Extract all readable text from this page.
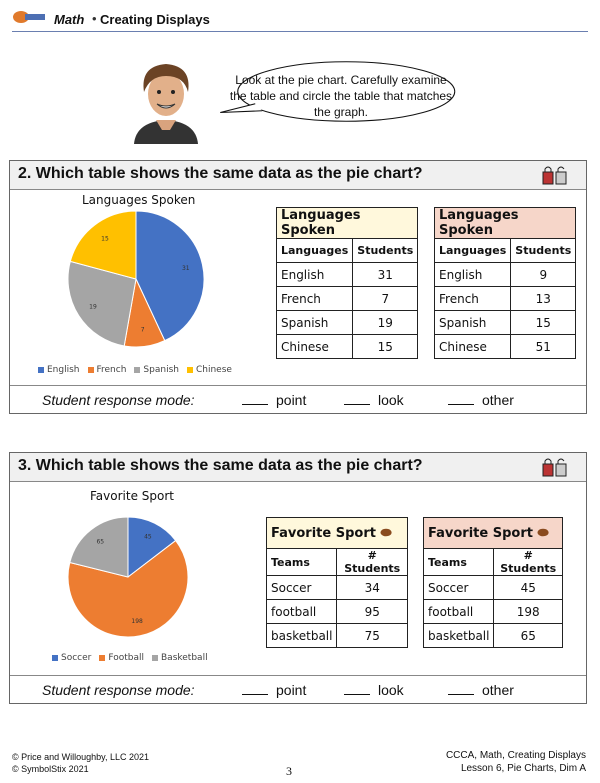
Math • Creating Displays
Look at the pie chart. Carefully examine the table and circle the table that matches the graph.
2. Which table shows the same data as the pie chart?
Languages Spoken
31
7
19
15
English French Spanish Chinese
Languages Spoken	
Languages	Students
English	31
French	7
Spanish	19
Chinese	15
Languages Spoken	
Languages	Students
English	9
French	13
Spanish	15
Chinese	51
Student response mode:	point	look	other
3. Which table shows the same data as the pie chart?
Favorite Sport
45
198
65
Soccer Football Basketball
Favorite Sport ⬬	
Teams	# Students
Soccer	34
football	95
basketball	75
Favorite Sport ⬬	
Teams	# Students
Soccer	45
football	198
basketball	65
Student response mode:	point	look	other
© Price and Willoughby, LLC 2021
© SymbolStix 2021	3
CCCA, Math, Creating Displays
Lesson 6, Pie Charts, Dim A
